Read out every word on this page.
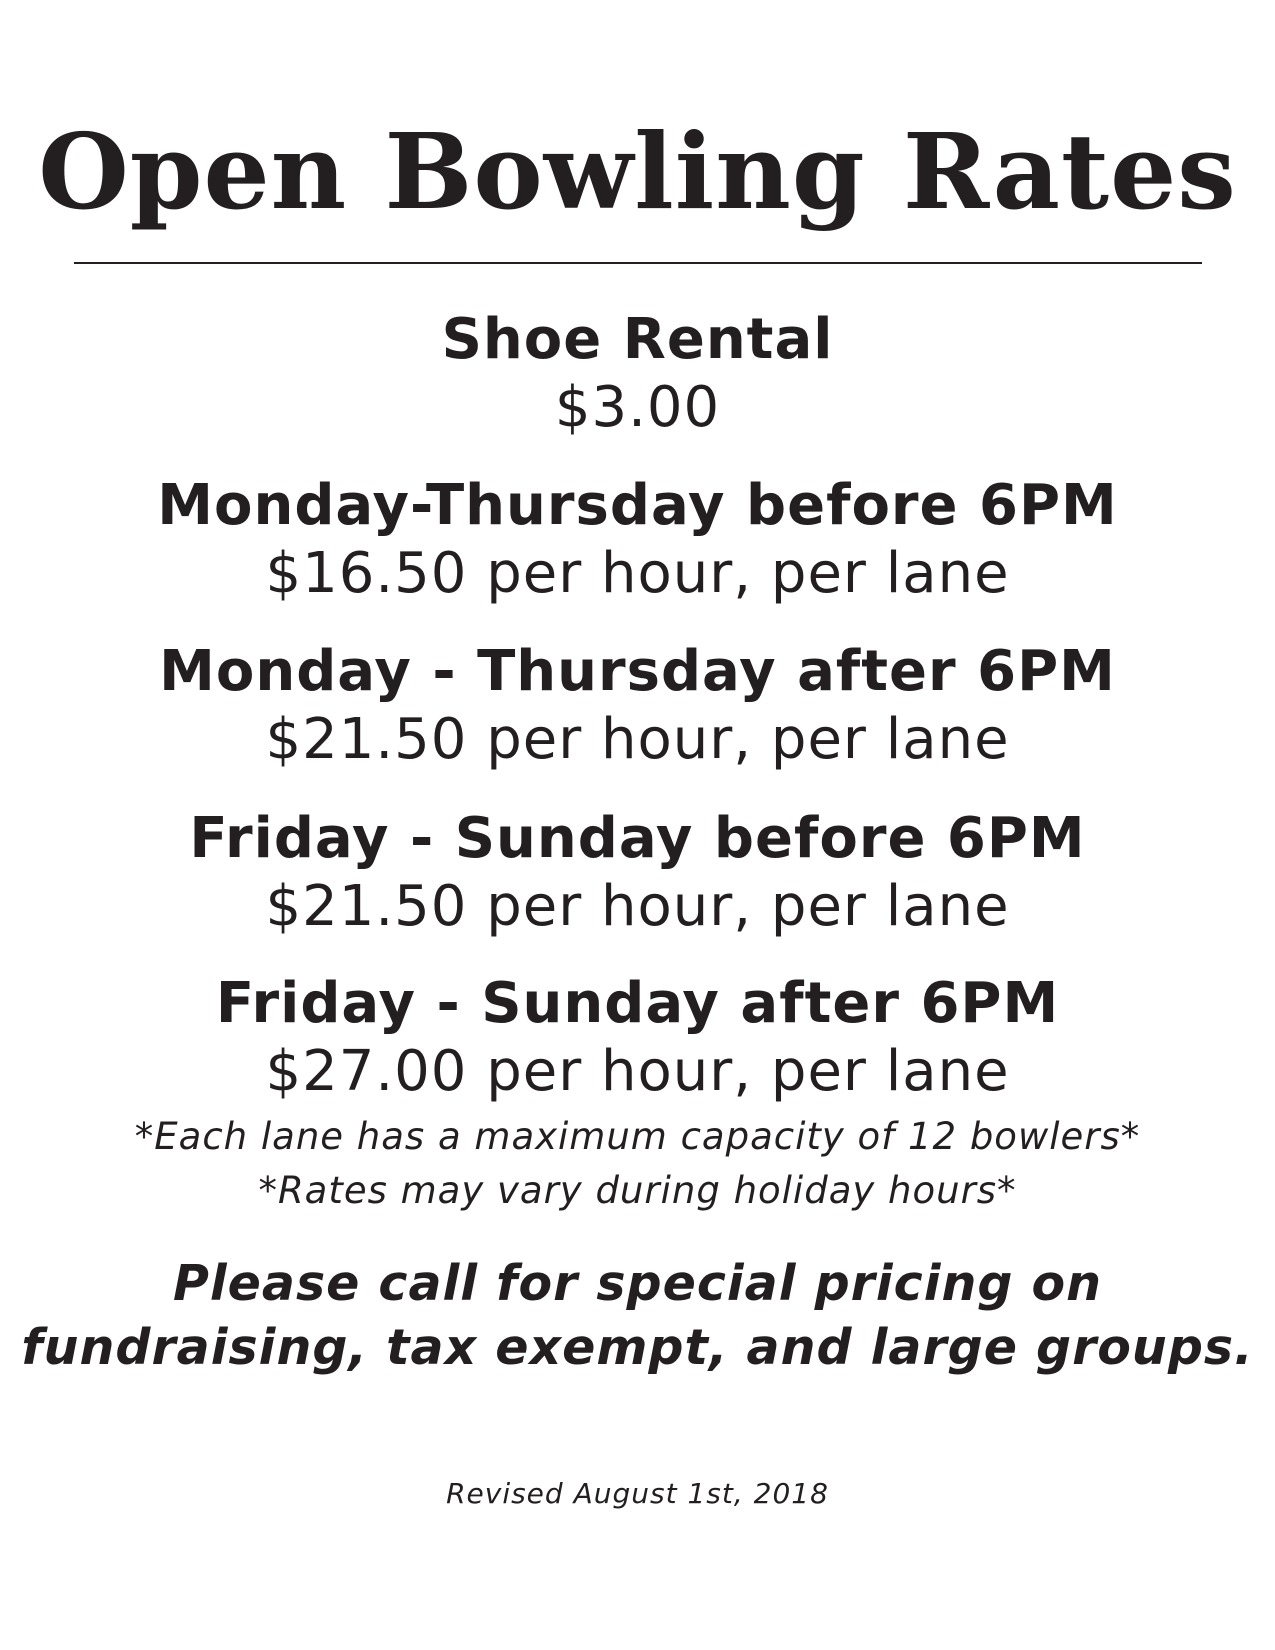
Open Bowling Rates
Shoe Rental
$3.00
Monday-Thursday before 6PM
$16.50 per hour, per lane
Monday - Thursday after 6PM
$21.50 per hour, per lane
Friday - Sunday before 6PM
$21.50 per hour, per lane
Friday - Sunday after 6PM
$27.00 per hour, per lane
*Each lane has a maximum capacity of 12 bowlers*
*Rates may vary during holiday hours*
Please call for special pricing on
fundraising, tax exempt, and large groups.
Revised August 1st, 2018
